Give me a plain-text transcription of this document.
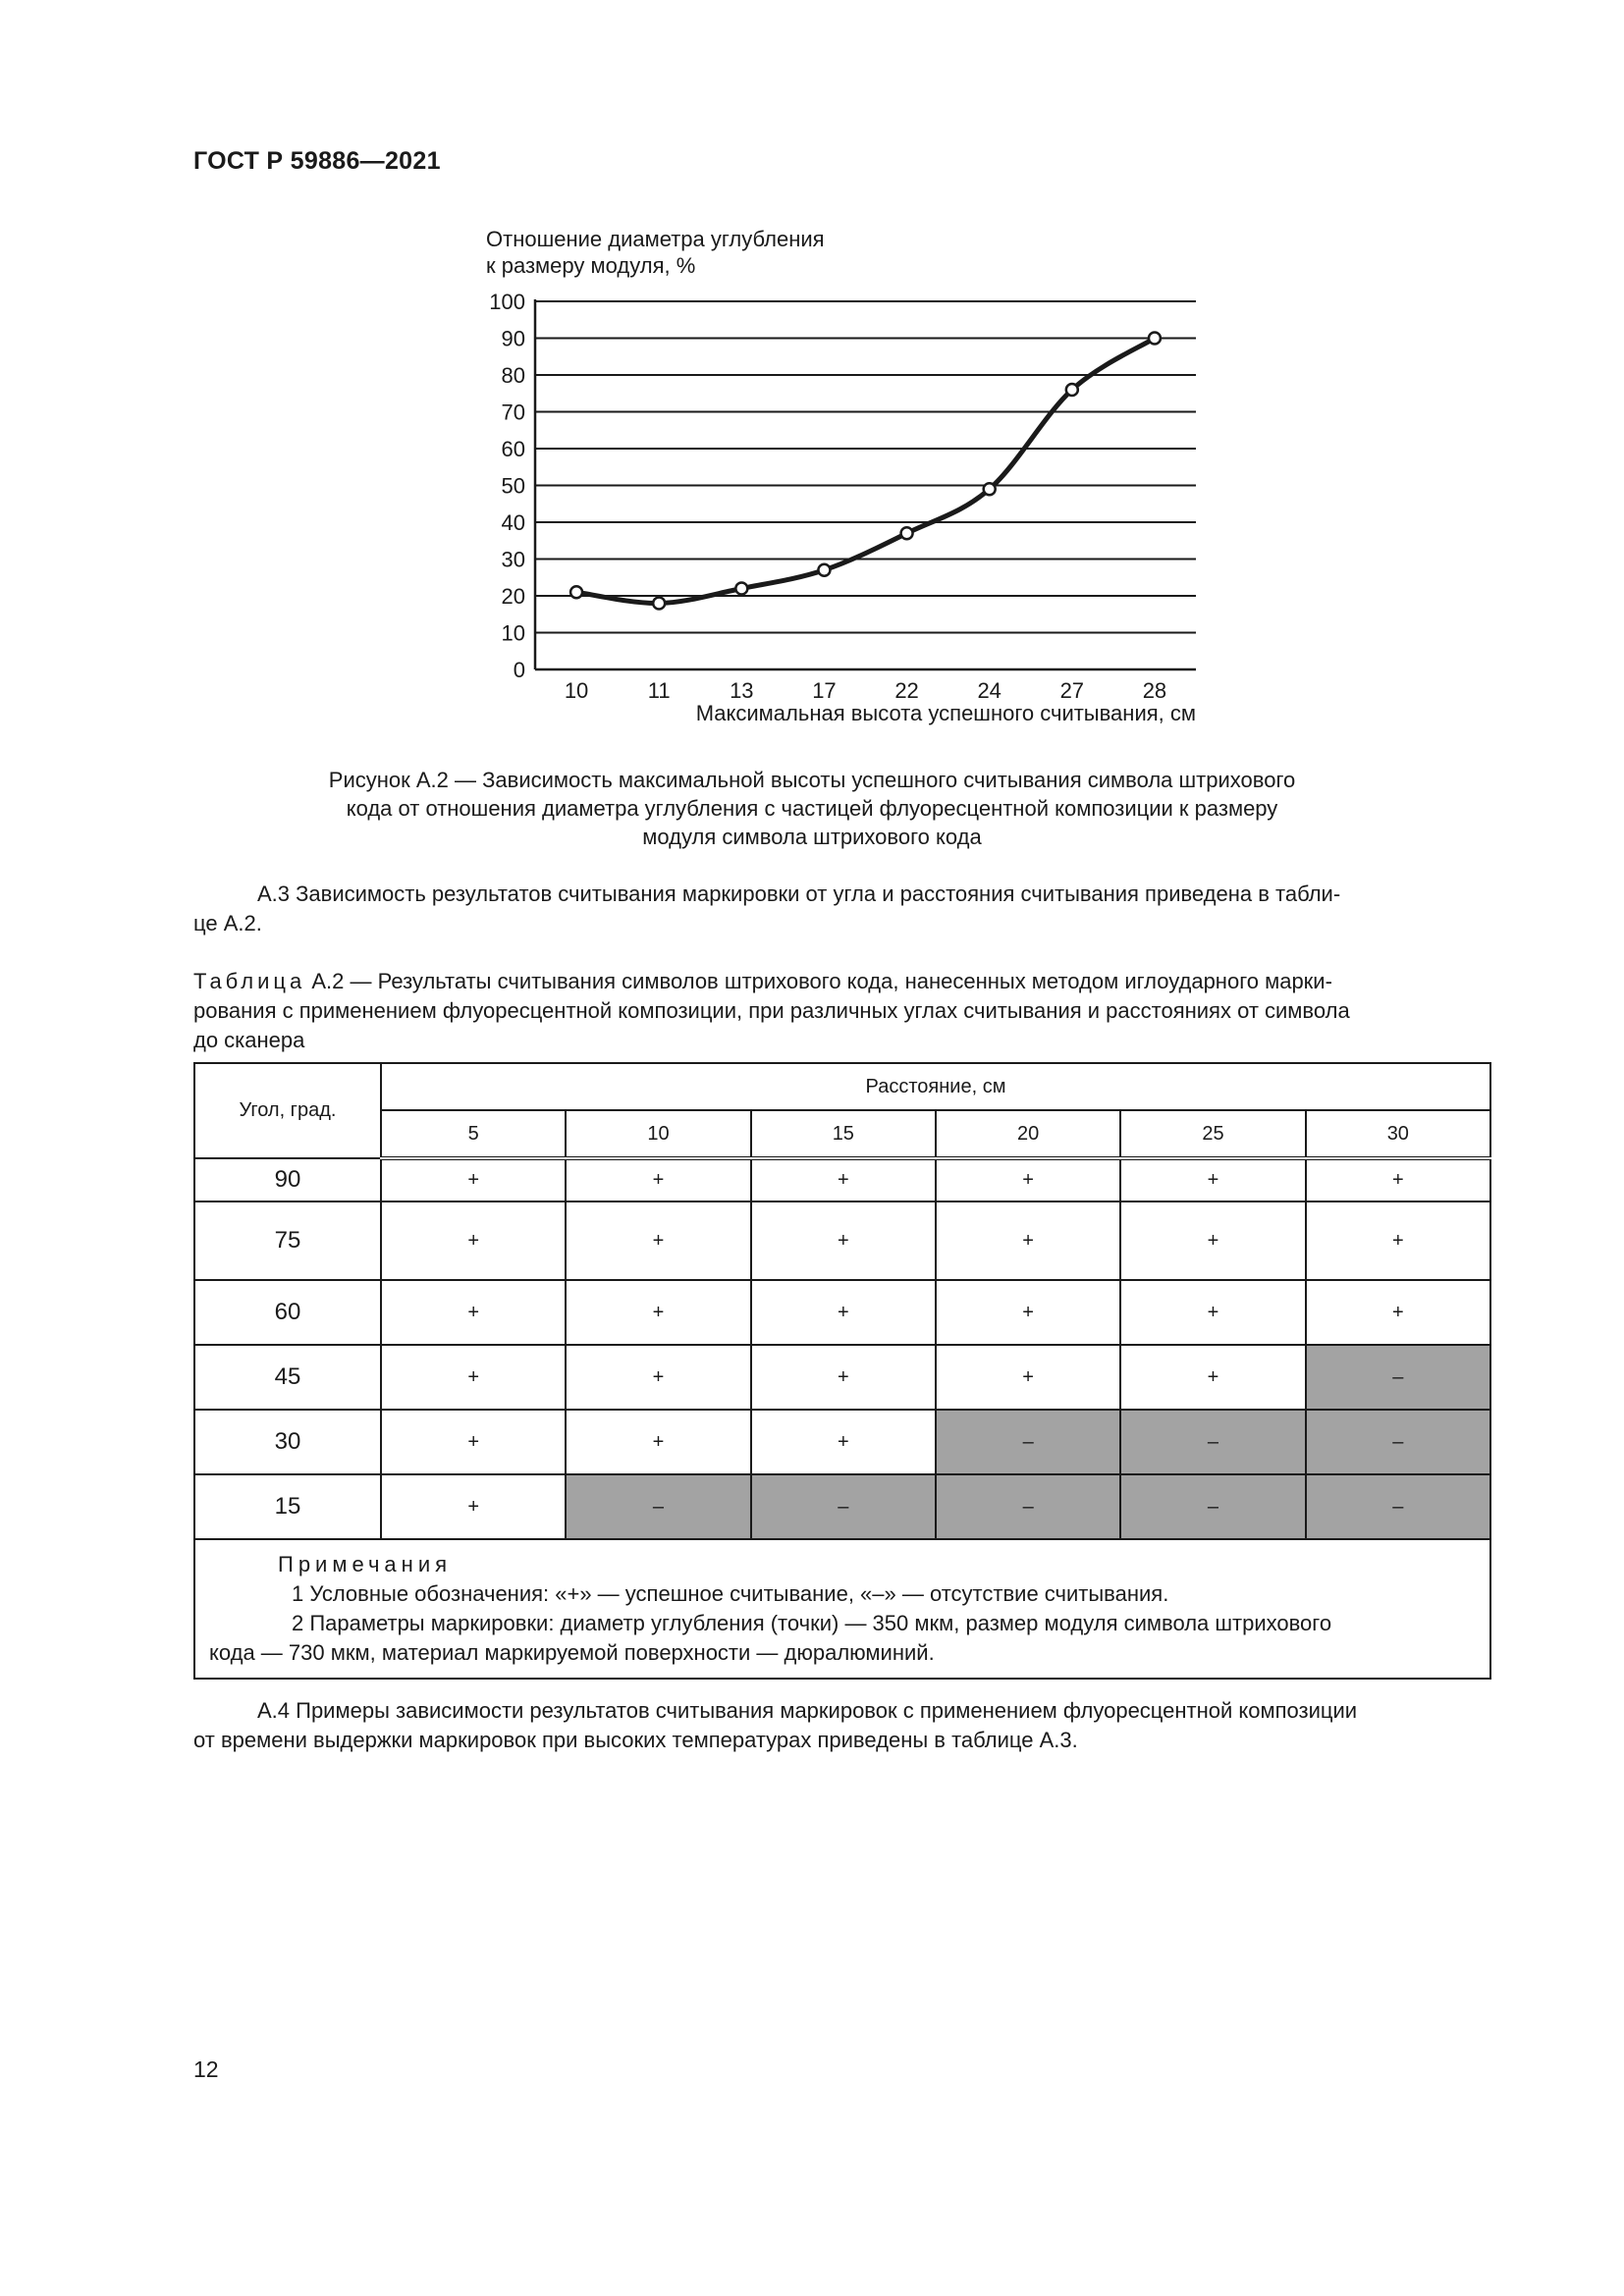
ГОСТ Р 59886—2021
Отношение диаметра углубления
к размеру модуля, %
0
10
20
30
40
50
60
70
80
90
100
10	11	13	17	22	24	27	28
Максимальная высота успешного считывания, см
Рисунок А.2 — Зависимость максимальной высоты успешного считывания символа штрихового
кода от отношения диаметра углубления с частицей флуоресцентной композиции к размеру
модуля символа штрихового кода
А.3 Зависимость результатов считывания маркировки от угла и расстояния считывания приведена в табли-
це А.2.
Таблица А.2 — Результаты считывания символов штрихового кода, нанесенных методом иглоударного марки-
рования с применением флуоресцентной композиции, при различных углах считывания и расстояниях от символа
до сканера
Угол, град.	Расстояние, см					
	5	10	15	20	25	30
90	+	+	+	+	+	+
75	+	+	+	+	+	+
60	+	+	+	+	+	+
45	+	+	+	+	+	–
30	+	+	+	–	–	–
15	+	–	–	–	–	–

Примечания
1 Условные обозначения: «+» — успешное считывание, «–» — отсутствие считывания.
2 Параметры маркировки: диаметр углубления (точки) — 350 мкм, размер модуля символа штрихового
кода — 730 мкм, материал маркируемой поверхности — дюралюминий.						
А.4 Примеры зависимости результатов считывания маркировок с применением флуоресцентной композиции
от времени выдержки маркировок при высоких температурах приведены в таблице А.3.
12
